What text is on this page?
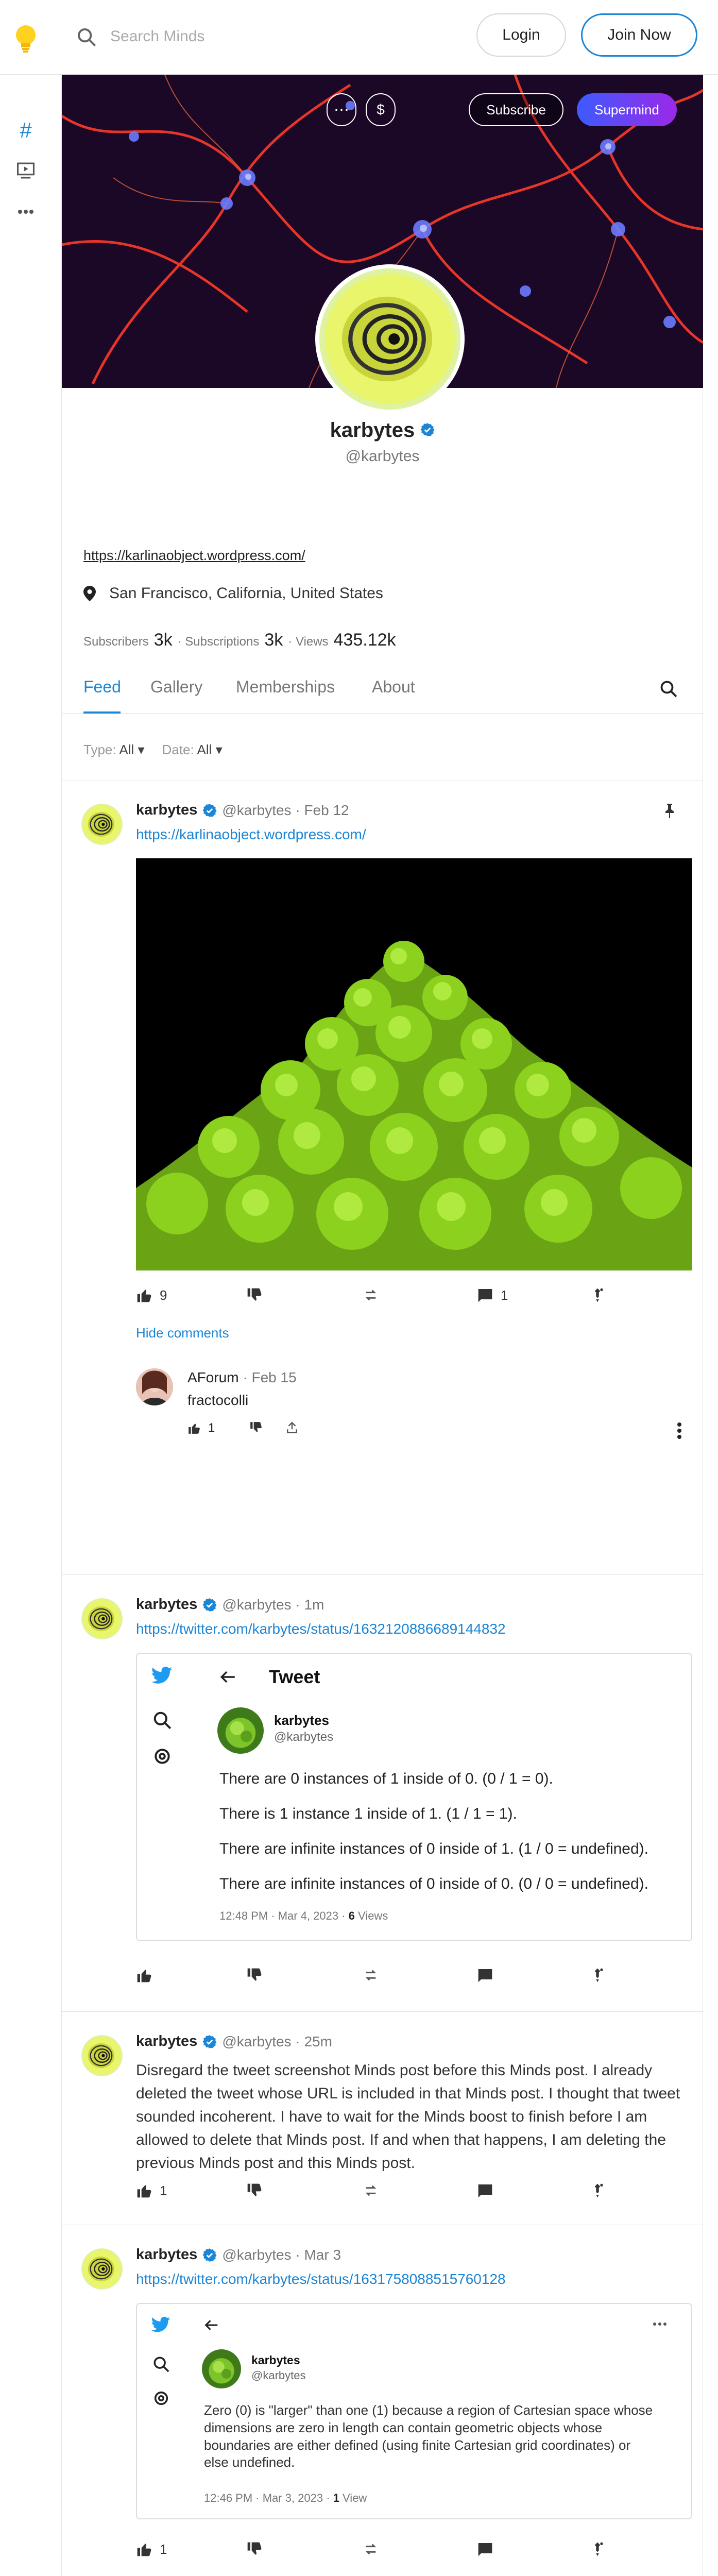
Search Minds
Login	Join Now
#
⋯	$	Subscribe	Supermind
karbytes
@karbytes
https://karlinaobject.wordpress.com/
San Francisco, California, United States
Subscribers 3k · Subscriptions 3k · Views 435.12k
Feed Gallery Memberships About
Type: All ▾ Date: All ▾
karbytes @karbytes · Feb 12
https://karlinaobject.wordpress.com/
9	1
Hide comments
AForum · Feb 15
fractocolli
1
karbytes @karbytes · 1m
https://twitter.com/karbytes/status/1632120886689144832
Tweet
karbytes
@karbytes
There are 0 instances of 1 inside of 0. (0 / 1 = 0).
There is 1 instance 1 inside of 1. (1 / 1 = 1).
There are infinite instances of 0 inside of 1. (1 / 0 = undefined).
There are infinite instances of 0 inside of 0. (0 / 0 = undefined).
12:48 PM · Mar 4, 2023 · 6 Views
karbytes @karbytes · 25m
Disregard the tweet screenshot Minds post before this Minds post. I already deleted the tweet whose URL is included in that Minds post. I thought that tweet sounded incoherent. I have to wait for the Minds boost to finish before I am allowed to delete that Minds post. If and when that happens, I am deleting the previous Minds post and this Minds post.
1
karbytes @karbytes · Mar 3
https://twitter.com/karbytes/status/1631758088515760128
karbytes
@karbytes
Zero (0) is "larger" than one (1) because a region of Cartesian space whose dimensions are zero in length can contain geometric objects whose boundaries are either defined (using finite Cartesian grid coordinates) or else undefined.
12:46 PM · Mar 3, 2023 · 1 View
1
